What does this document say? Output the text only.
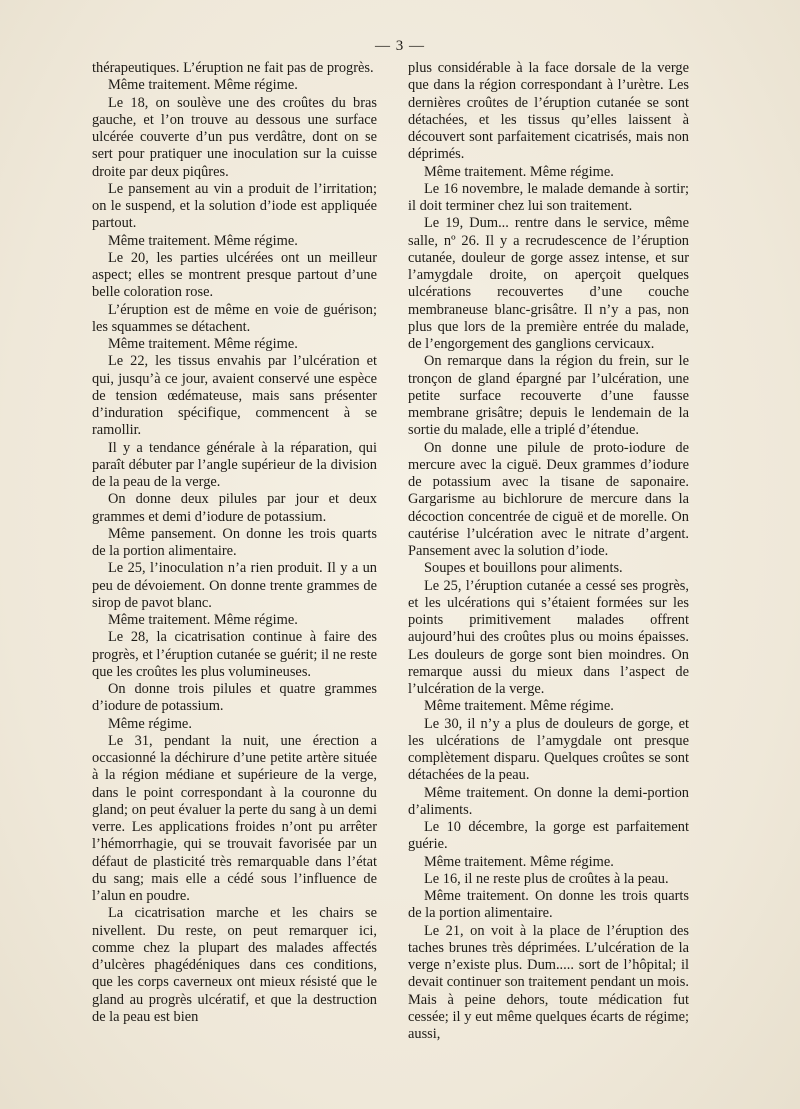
— 3 —

thérapeutiques. L’éruption ne fait pas de progrès.

Même traitement. Même régime.

Le 18, on soulève une des croûtes du bras gauche, et l’on trouve au dessous une surface ulcérée couverte d’un pus verdâtre, dont on se sert pour pratiquer une inoculation sur la cuisse droite par deux piqûres.

Le pansement au vin a produit de l’irritation; on le suspend, et la solution d’iode est appliquée partout.

Même traitement. Même régime.

Le 20, les parties ulcérées ont un meilleur aspect; elles se montrent presque partout d’une belle coloration rose.

L’éruption est de même en voie de guérison; les squammes se détachent.

Même traitement. Même régime.

Le 22, les tissus envahis par l’ulcération et qui, jusqu’à ce jour, avaient conservé une espèce de tension œdémateuse, mais sans présenter d’induration spécifique, commencent à se ramollir.

Il y a tendance générale à la réparation, qui paraît débuter par l’angle supérieur de la division de la peau de la verge.

On donne deux pilules par jour et deux grammes et demi d’iodure de potassium.

Même pansement. On donne les trois quarts de la portion alimentaire.

Le 25, l’inoculation n’a rien produit. Il y a un peu de dévoiement. On donne trente grammes de sirop de pavot blanc.

Même traitement. Même régime.

Le 28, la cicatrisation continue à faire des progrès, et l’éruption cutanée se guérit; il ne reste que les croûtes les plus volumineuses.

On donne trois pilules et quatre grammes d’iodure de potassium.

Même régime.

Le 31, pendant la nuit, une érection a occasionné la déchirure d’une petite artère située à la région médiane et supérieure de la verge, dans le point correspondant à la couronne du gland; on peut évaluer la perte du sang à un demi verre. Les applications froides n’ont pu arrêter l’hémorrhagie, qui se trouvait favorisée par un défaut de plasticité très remarquable dans l’état du sang; mais elle a cédé sous l’influence de l’alun en poudre.

La cicatrisation marche et les chairs se nivellent. Du reste, on peut remarquer ici, comme chez la plupart des malades affectés d’ulcères phagédéniques dans ces conditions, que les corps caverneux ont mieux résisté que le gland au progrès ulcératif, et que la destruction de la peau est bien

plus considérable à la face dorsale de la verge que dans la région correspondant à l’urètre. Les dernières croûtes de l’éruption cutanée se sont détachées, et les tissus qu’elles laissent à découvert sont parfaitement cicatrisés, mais non déprimés.

Même traitement. Même régime.

Le 16 novembre, le malade demande à sortir; il doit terminer chez lui son traitement.

Le 19, Dum... rentre dans le service, même salle, nº 26. Il y a recrudescence de l’éruption cutanée, douleur de gorge assez intense, et sur l’amygdale droite, on aperçoit quelques ulcérations recouvertes d’une couche membraneuse blanc-grisâtre. Il n’y a pas, non plus que lors de la première entrée du malade, de l’engorgement des ganglions cervicaux.

On remarque dans la région du frein, sur le tronçon de gland épargné par l’ulcération, une petite surface recouverte d’une fausse membrane grisâtre; depuis le lendemain de la sortie du malade, elle a triplé d’étendue.

On donne une pilule de proto-iodure de mercure avec la ciguë. Deux grammes d’iodure de potassium avec la tisane de saponaire. Gargarisme au bichlorure de mercure dans la décoction concentrée de ciguë et de morelle. On cautérise l’ulcération avec le nitrate d’argent. Pansement avec la solution d’iode.

Soupes et bouillons pour aliments.

Le 25, l’éruption cutanée a cessé ses progrès, et les ulcérations qui s’étaient formées sur les points primitivement malades offrent aujourd’hui des croûtes plus ou moins épaisses. Les douleurs de gorge sont bien moindres. On remarque aussi du mieux dans l’aspect de l’ulcération de la verge.

Même traitement. Même régime.

Le 30, il n’y a plus de douleurs de gorge, et les ulcérations de l’amygdale ont presque complètement disparu. Quelques croûtes se sont détachées de la peau.

Même traitement. On donne la demi-portion d’aliments.

Le 10 décembre, la gorge est parfaitement guérie.

Même traitement. Même régime.

Le 16, il ne reste plus de croûtes à la peau.

Même traitement. On donne les trois quarts de la portion alimentaire.

Le 21, on voit à la place de l’éruption des taches brunes très déprimées. L’ulcération de la verge n’existe plus. Dum..... sort de l’hôpital; il devait continuer son traitement pendant un mois. Mais à peine dehors, toute médication fut cessée; il y eut même quelques écarts de régime; aussi,
